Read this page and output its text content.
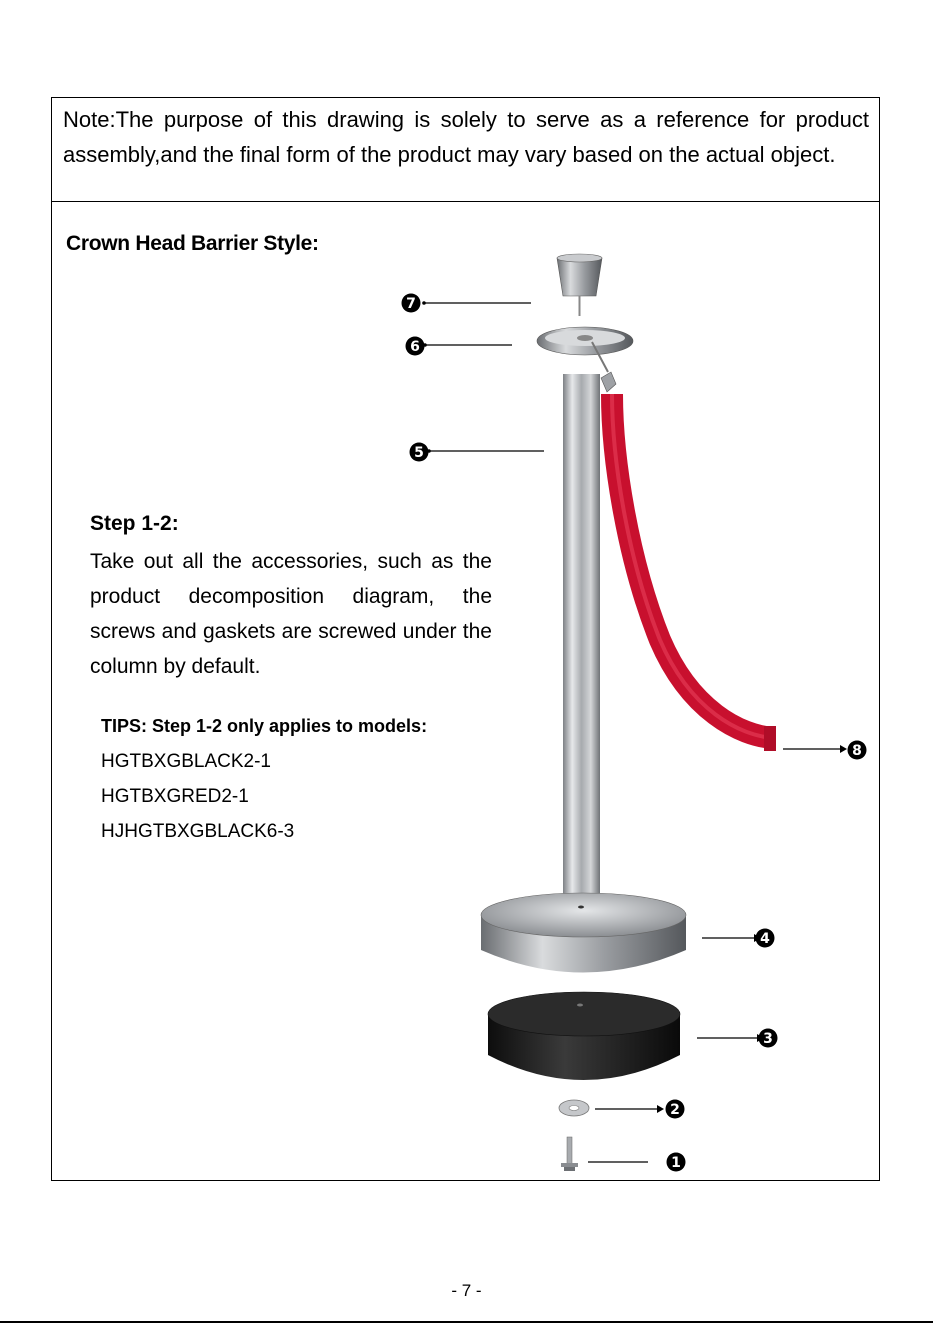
Note:The purpose of this drawing is solely to serve as a reference for product assembly,and the final form of the product may vary based on the actual object.
Crown Head Barrier Style:
Step 1-2:
Take out all the accessories, such as the product decomposition diagram, the screws and gaskets are screwed under the column by default.
TIPS: Step 1-2 only applies to models:
HGTBXGBLACK2-1
HGTBXGRED2-1
HJHGTBXGBLACK6-3
7
6
5
8
4
3
2
1
- 7 -
